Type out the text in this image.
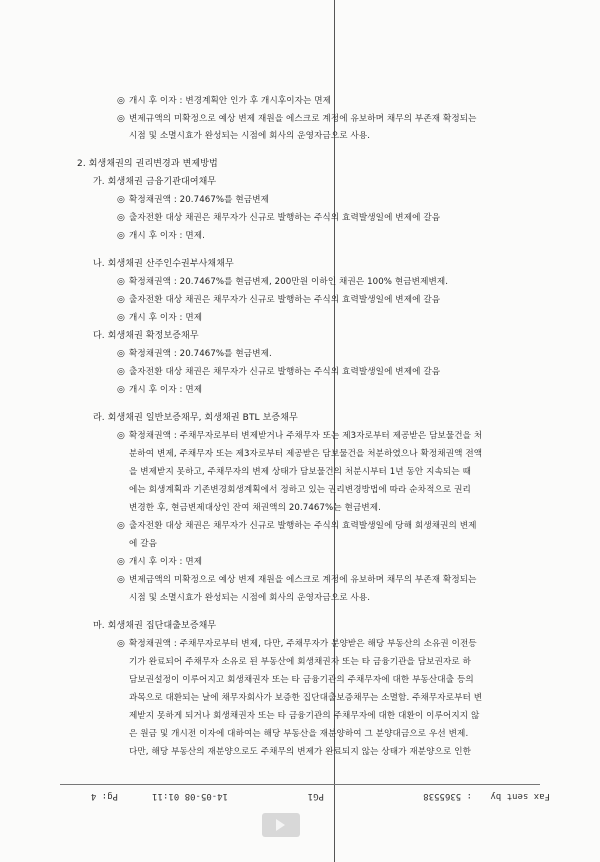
◎ 개시 후 이자 : 변경계획안 인가 후 개시후이자는 면제
◎ 변제규액의 미확정으로 예상 변제 재원을 에스크로 계정에 유보하며 채무의 부존재 확정되는
시점 및 소멸시효가 완성되는 시점에 회사의 운영자금으로 사용.
2. 회생채권의 권리변경과 변제방법
가. 회생채권 금융기관대여채무
◎ 확정채권액 : 20.7467%를 현금변제
◎ 출자전환 대상 채권은 채무자가 신규로 발행하는 주식의 효력발생일에 변제에 갈음
◎ 개시 후 이자 : 면제.
나. 회생채권 산주인수권부사채채무
◎ 확정채권액 : 20.7467%를 현금변제, 200만원 이하인 채권은 100% 현금변제변제.
◎ 출자전환 대상 채권은 채무자가 신규로 발행하는 주식의 효력발생일에 변제에 갈음
◎ 개시 후 이자 : 면제
다. 회생채권 확정보증채무
◎ 확정채권액 : 20.7467%를 현금변제.
◎ 출자전환 대상 채권은 채무자가 신규로 발행하는 주식의 효력발생일에 변제에 갈음
◎ 개시 후 이자 : 면제
라. 회생채권 일반보증채무, 회생채권 BTL 보증채무
◎ 확정채권액 : 주채무자로부터 변제받거나 주채무자 또는 제3자로부터 제공받은 담보물건을 처
분하여 변제, 주채무자 또는 제3자로부터 제공받은 담보물건을 처분하였으나 확정채권액 전액
을 변제받지 못하고, 주채무자의 변제 상태가 담보물건의 처분시부터 1년 동안 지속되는 때
에는 회생계획과 기존변경회생계획에서 정하고 있는 권리변경방법에 따라 순차적으로 권리
변경한 후, 현금변제대상인 잔여 채권액의 20.7467%는 현금변제.
◎ 출자전환 대상 채권은 채무자가 신규로 발행하는 주식의 효력발생일에 당해 회생채권의 변제
에 갈음
◎ 개시 후 이자 : 면제
◎ 변제금액의 미확정으로 예상 변제 재원을 에스크로 계정에 유보하며 채무의 부존재 확정되는
시점 및 소멸시효가 완성되는 시점에 회사의 운영자금으로 사용.
마. 회생채권 집단대출보증채무
◎ 확정채권액 : 주채무자로부터 변제, 다만, 주채무자가 분양받은 해당 부동산의 소유권 이전등
기가 완료되어 주채무자 소유로 된 부동산에 회생채권자 또는 타 금융기관을 담보권자로 하
담보권설정이 이루어지고 회생채권자 또는 타 금융기관의 주채무자에 대한 부동산대출 등의
과목으로 대환되는 날에 채무자회사가 보증한 집단대출보증채무는 소멸함. 주채무자로부터 변
제받지 못하게 되거나 회생채권자 또는 타 금융기관의 주채무자에 대한 대환이 이루어지지 않
은 원금 및 개시전 이자에 대하여는 해당 부동산을 재분양하여 그 분양대금으로 우선 변제.
다만, 해당 부동산의 재분양으로도 주채무의 변제가 완료되지 않는 상태가 재분양으로 인한
Fax sent by
: 5365538
PG1
14-05-08 01:11
Pg: 4
